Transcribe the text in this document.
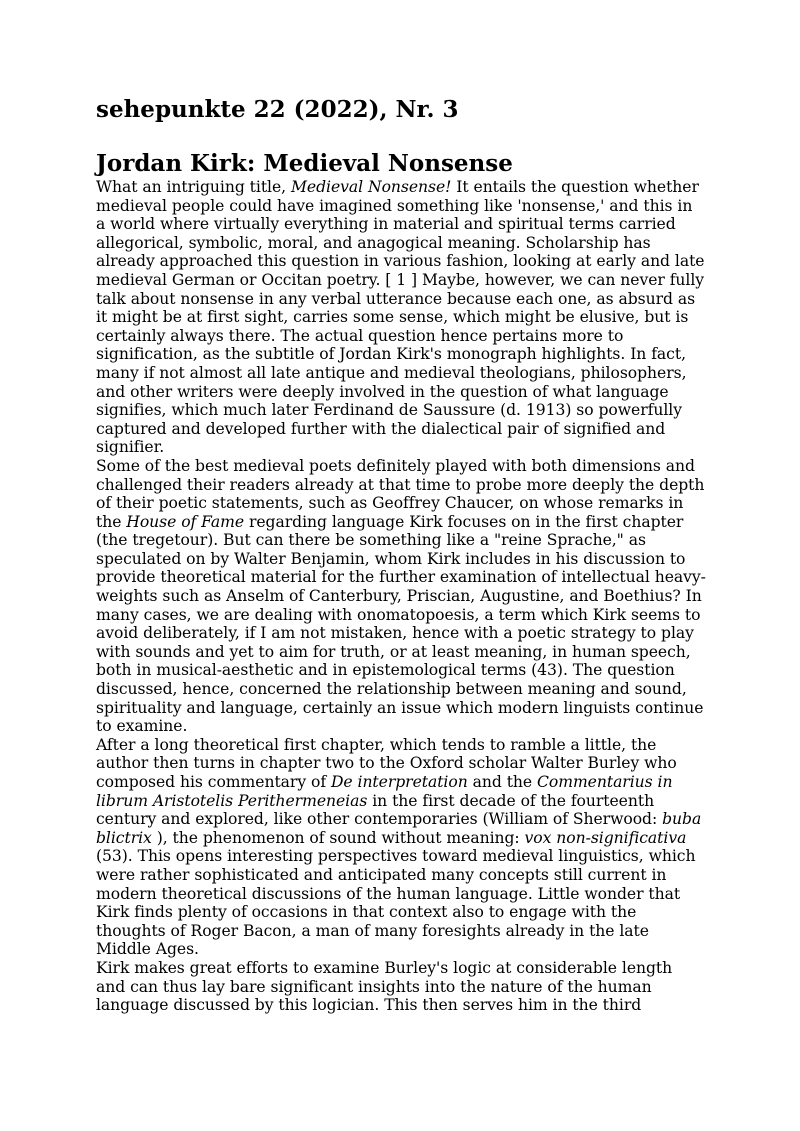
sehepunkte 22 (2022), Nr. 3
Jordan Kirk: Medieval Nonsense

What an intriguing title, Medieval Nonsense! It entails the question whether medieval people could have imagined something like 'nonsense,' and this in a world where virtually everything in material and spiritual terms carried allegorical, symbolic, moral, and anagogical meaning. Scholarship has already approached this question in various fashion, looking at early and late medieval German or Occitan poetry. [ 1 ] Maybe, however, we can never fully talk about nonsense in any verbal utterance because each one, as absurd as it might be at first sight, carries some sense, which might be elusive, but is certainly always there. The actual question hence pertains more to signification, as the subtitle of Jordan Kirk's monograph highlights. In fact, many if not almost all late antique and medieval theologians, philosophers, and other writers were deeply involved in the question of what language signifies, which much later Ferdinand de Saussure (d. 1913) so powerfully captured and developed further with the dialectical pair of signified and signifier.

Some of the best medieval poets definitely played with both dimensions and challenged their readers already at that time to probe more deeply the depth of their poetic statements, such as Geoffrey Chaucer, on whose remarks in the House of Fame regarding language Kirk focuses on in the first chapter (the tregetour). But can there be something like a "reine Sprache," as speculated on by Walter Benjamin, whom Kirk includes in his discussion to provide theoretical material for the further examination of intellectual heavy-weights such as Anselm of Canterbury, Priscian, Augustine, and Boethius? In many cases, we are dealing with onomatopoesis, a term which Kirk seems to avoid deliberately, if I am not mistaken, hence with a poetic strategy to play with sounds and yet to aim for truth, or at least meaning, in human speech, both in musical-aesthetic and in epistemological terms (43). The question discussed, hence, concerned the relationship between meaning and sound, spirituality and language, certainly an issue which modern linguists continue to examine.

After a long theoretical first chapter, which tends to ramble a little, the author then turns in chapter two to the Oxford scholar Walter Burley who composed his commentary of De interpretation and the Commentarius in librum Aristotelis Perithermeneias in the first decade of the fourteenth century and explored, like other contemporaries (William of Sherwood: buba blictrix ), the phenomenon of sound without meaning: vox non-significativa (53). This opens interesting perspectives toward medieval linguistics, which were rather sophisticated and anticipated many concepts still current in modern theoretical discussions of the human language. Little wonder that Kirk finds plenty of occasions in that context also to engage with the thoughts of Roger Bacon, a man of many foresights already in the late Middle Ages.

Kirk makes great efforts to examine Burley's logic at considerable length and can thus lay bare significant insights into the nature of the human language discussed by this logician. This then serves him in the third
